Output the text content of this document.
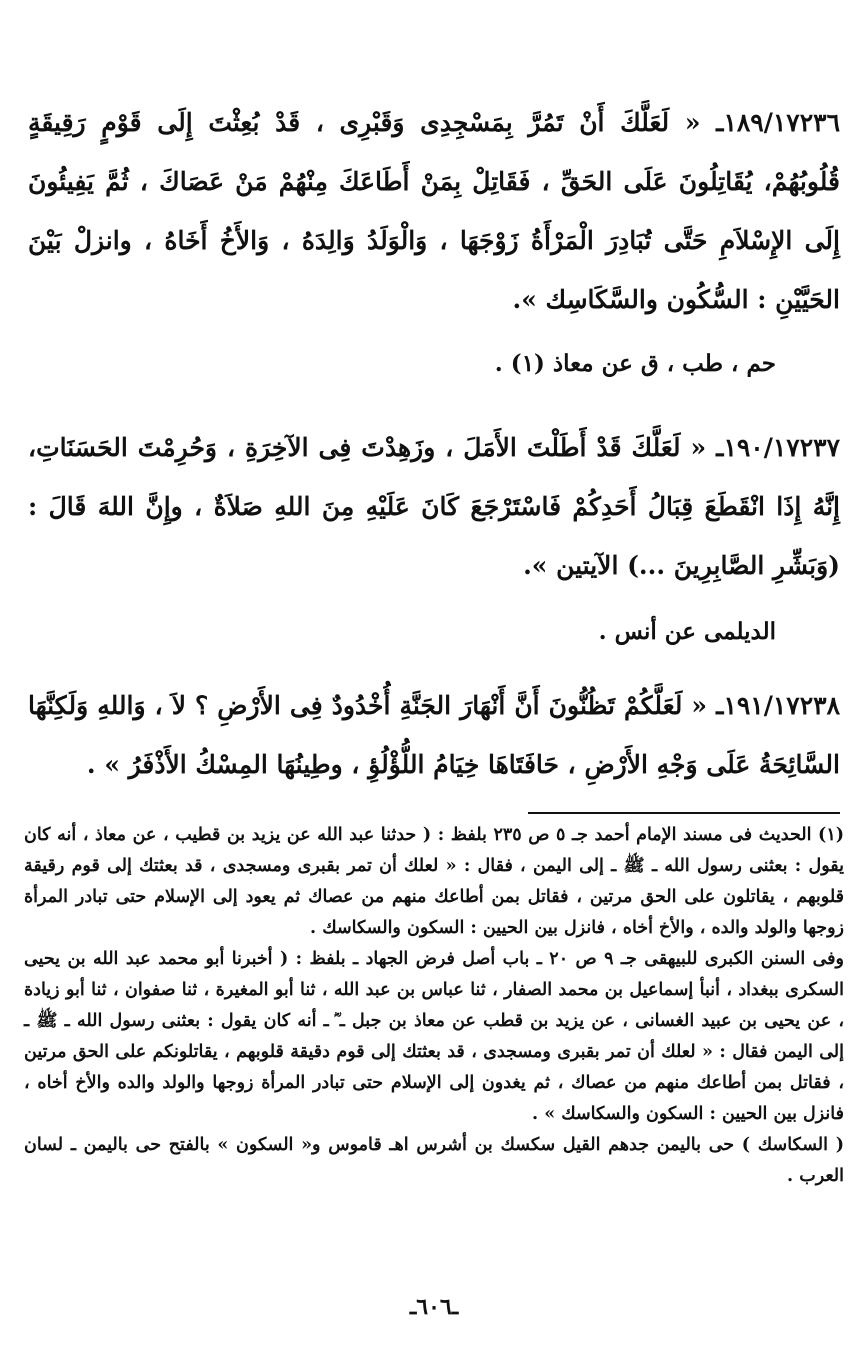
١٨٩/١٧٢٣٦ـ « لَعَلَّكَ أَنْ تَمُرَّ بِمَسْجِدِى وَقَبْرِى ، قَدْ بُعِثْتَ إِلَى قَوْمٍ رَقِيقَةٍ قُلُوبُهُمْ، يُقَاتِلُونَ عَلَى الحَقِّ ، فَقَاتِلْ بِمَنْ أَطَاعَكَ مِنْهُمْ مَنْ عَصَاكَ ، ثُمَّ يَفِيئُونَ إِلَى الإِسْلاَمِ حَتَّى تُبَادِرَ الْمَرْأَةُ زَوْجَهَا ، وَالْوَلَدُ وَالِدَهُ ، وَالأَخُ أَخَاهُ ، وانزلْ بَيْنَ الحَيَّيْنِ : السُّكُون والسَّكَاسِك ».

حم ، طب ، ق عن معاذ (١) .

١٩٠/١٧٢٣٧ـ « لَعَلَّكَ قَدْ أَطَلْتَ الأَمَلَ ، وزَهِدْتَ فِى الآخِرَةِ ، وَحُرِمْتَ الحَسَنَاتِ، إِنَّهُ إِذَا انْقَطَعَ قِبَالُ أَحَدِكُمْ فَاسْتَرْجَعَ كَانَ عَلَيْهِ مِنَ اللهِ صَلاَةٌ ، وإِنَّ اللهَ قَالَ : (وَبَشِّرِ الصَّابِرِينَ ...) الآيتين ».

الديلمى عن أنس .

١٩١/١٧٢٣٨ـ « لَعَلَّكُمْ تَظُنُّونَ أَنَّ أَنْهَارَ الجَنَّةِ أُخْدُودٌ فِى الأَرْضِ ؟ لاَ ، وَاللهِ وَلَكِنَّهَا السَّائِحَةُ عَلَى وَجْهِ الأَرْضِ ، حَافَتَاهَا خِيَامُ اللُّؤْلُؤِ ، وطِينُهَا المِسْكُ الأَذْفَرُ » .

(١) الحديث فى مسند الإمام أحمد جـ ٥ ص ٢٣٥ بلفظ : ( حدثنا عبد الله عن يزيد بن قطيب ، عن معاذ ، أنه كان يقول : بعثنى رسول الله ـ ﷺ ـ إلى اليمن ، فقال : « لعلك أن تمر بقبرى ومسجدى ، قد بعثتك إلى قوم رقيقة قلوبهم ، يقاتلون على الحق مرتين ، فقاتل بمن أطاعك منهم من عصاك ثم يعود إلى الإسلام حتى تبادر المرأة زوجها والولد والده ، والأخ أخاه ، فانزل بين الحيين : السكون والسكاسك .

وفى السنن الكبرى للبيهقى جـ ٩ ص ٢٠ ـ باب أصل فرض الجهاد ـ بلفظ : ( أخبرنا أبو محمد عبد الله بن يحيى السكرى ببغداد ، أنبأ إسماعيل بن محمد الصفار ، ثنا عباس بن عبد الله ، ثنا أبو المغيرة ، ثنا صفوان ، ثنا أبو زيادة ، عن يحيى بن عبيد الغسانى ، عن يزيد بن قطب عن معاذ بن جبل ـ ؓ ـ أنه كان يقول : بعثنى رسول الله ـ ﷺ ـ إلى اليمن فقال : « لعلك أن تمر بقبرى ومسجدى ، قد بعثتك إلى قوم دقيقة قلوبهم ، يقاتلونكم على الحق مرتين ، فقاتل بمن أطاعك منهم من عصاك ، ثم يغدون إلى الإسلام حتى تبادر المرأة زوجها والولد والده والأخ أخاه ، فانزل بين الحيين : السكون والسكاسك » .

( السكاسك ) حى باليمن جدهم القيل سكسك بن أشرس اهـ قاموس و« السكون » بالفتح حى باليمن ـ لسان العرب .

ـ٦٠٦ـ
